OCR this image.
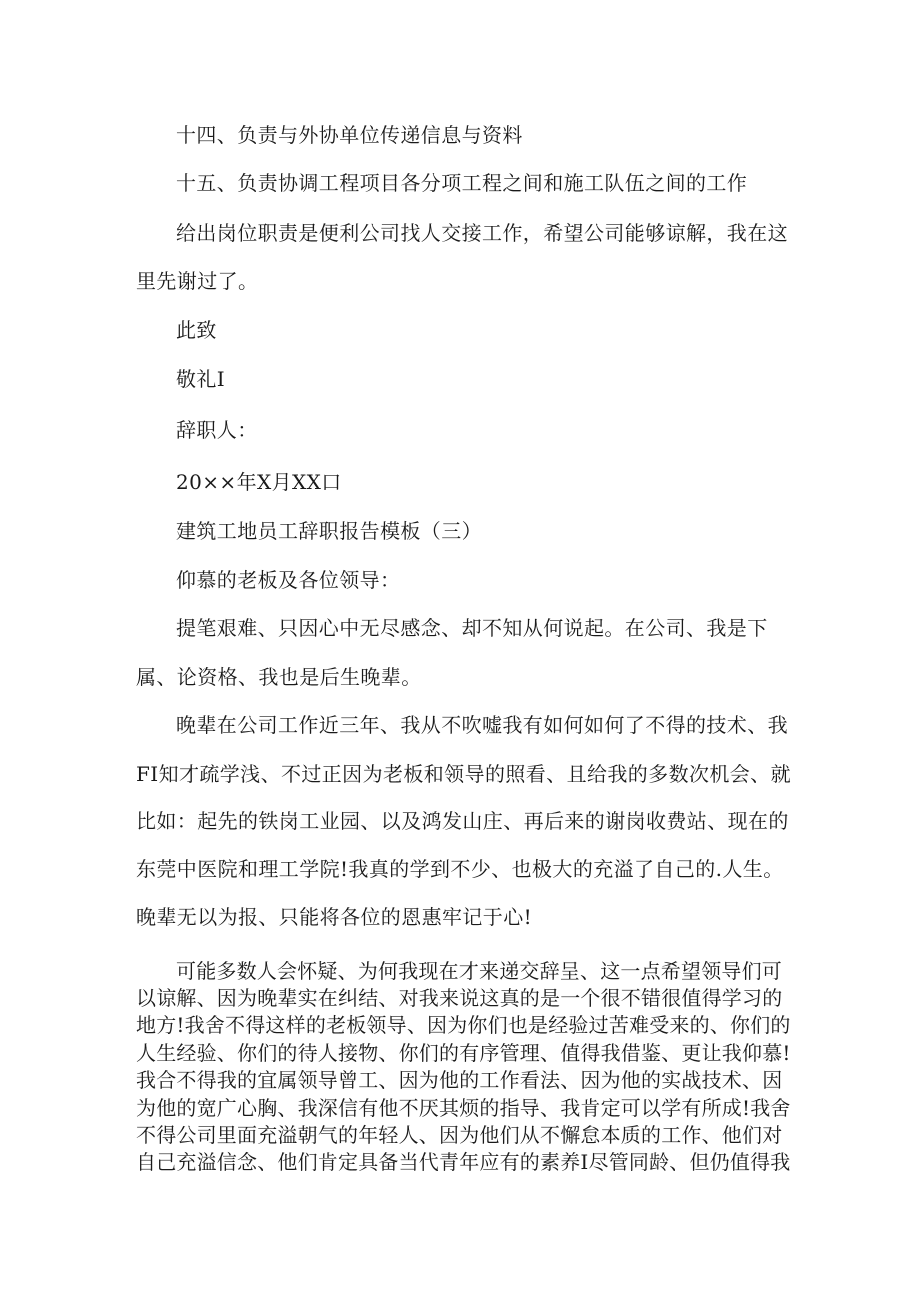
十四、负责与外协单位传递信息与资料
十五、负责协调工程项目各分项工程之间和施工队伍之间的工作
给出岗位职责是便利公司找人交接工作，希望公司能够谅解，我在这
里先谢过了。
此致
敬礼I
辞职人：
20××年X月XX口
建筑工地员工辞职报告模板（三）
仰慕的老板及各位领导：
提笔艰难、只因心中无尽感念、却不知从何说起。在公司、我是下
属、论资格、我也是后生晚辈。
晚辈在公司工作近三年、我从不吹嘘我有如何如何了不得的技术、我
FI知才疏学浅、不过正因为老板和领导的照看、且给我的多数次机会、就
比如：起先的铁岗工业园、以及鸿发山庄、再后来的谢岗收费站、现在的
东莞中医院和理工学院!我真的学到不少、也极大的充溢了自己的.人生。
晚辈无以为报、只能将各位的恩惠牢记于心!
可能多数人会怀疑、为何我现在才来递交辞呈、这一点希望领导们可
以谅解、因为晚辈实在纠结、对我来说这真的是一个很不错很值得学习的
地方!我舍不得这样的老板领导、因为你们也是经验过苦难受来的、你们的
人生经验、你们的待人接物、你们的有序管理、值得我借鉴、更让我仰慕!
我合不得我的宜属领导曾工、因为他的工作看法、因为他的实战技术、因
为他的宽广心胸、我深信有他不厌其烦的指导、我肯定可以学有所成!我舍
不得公司里面充溢朝气的年轻人、因为他们从不懈怠本质的工作、他们对
自己充溢信念、他们肯定具备当代青年应有的素养I尽管同龄、但仍值得我
